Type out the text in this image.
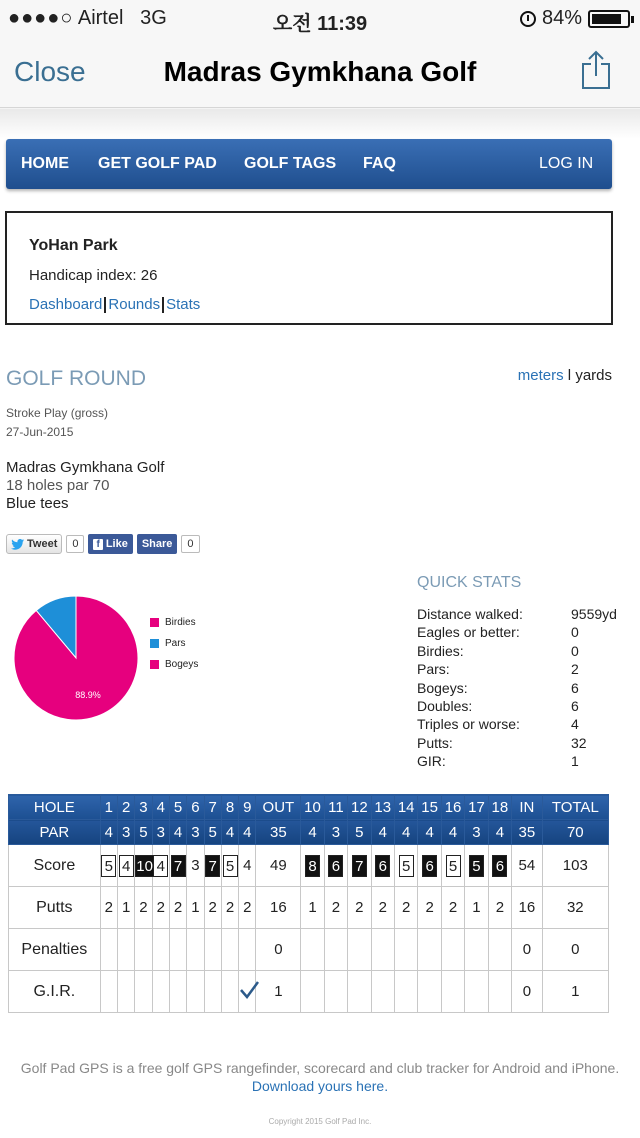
●●●●○ Airtel 3G	오전 11:39	84%
Close	Madras Gymkhana Golf
HOME GET GOLF PAD GOLF TAGS FAQ	LOG IN
YoHan Park
Handicap index: 26
Dashboard Rounds Stats
GOLF ROUND	meters l yards
Stroke Play (gross)
27-Jun-2015
Madras Gymkhana Golf
18 holes par 70
Blue tees
Tweet	0	f Like	Share	0
88.9%
Birdies
Pars
Bogeys
QUICK STATS
Distance walked:	9559yd
Eagles or better:	0
Birdies:	0
Pars:	2
Bogeys:	6
Doubles:	6
Triples or worse:	4
Putts:	32
GIR:	1
HOLE	1	2	3	4	5	6	7	8	9	OUT	10	11	12	13	14	15	16	17	18	IN	TOTAL
PAR	4	3	5	3	4	3	5	4	4	35	4	3	5	4	4	4	4	3	4	35	70
Score	5	4	10	4	7	3	7	5	4	49	8	6	7	6	5	6	5	5	6	54	103
Putts	2	1	2	2	2	1	2	2	2	16	1	2	2	2	2	2	2	1	2	16	32
Penalties										0										0	0
G.I.R.										1										0	1
Golf Pad GPS is a free golf GPS rangefinder, scorecard and club tracker for Android and iPhone. Download yours here.
Copyright 2015 Golf Pad Inc.
